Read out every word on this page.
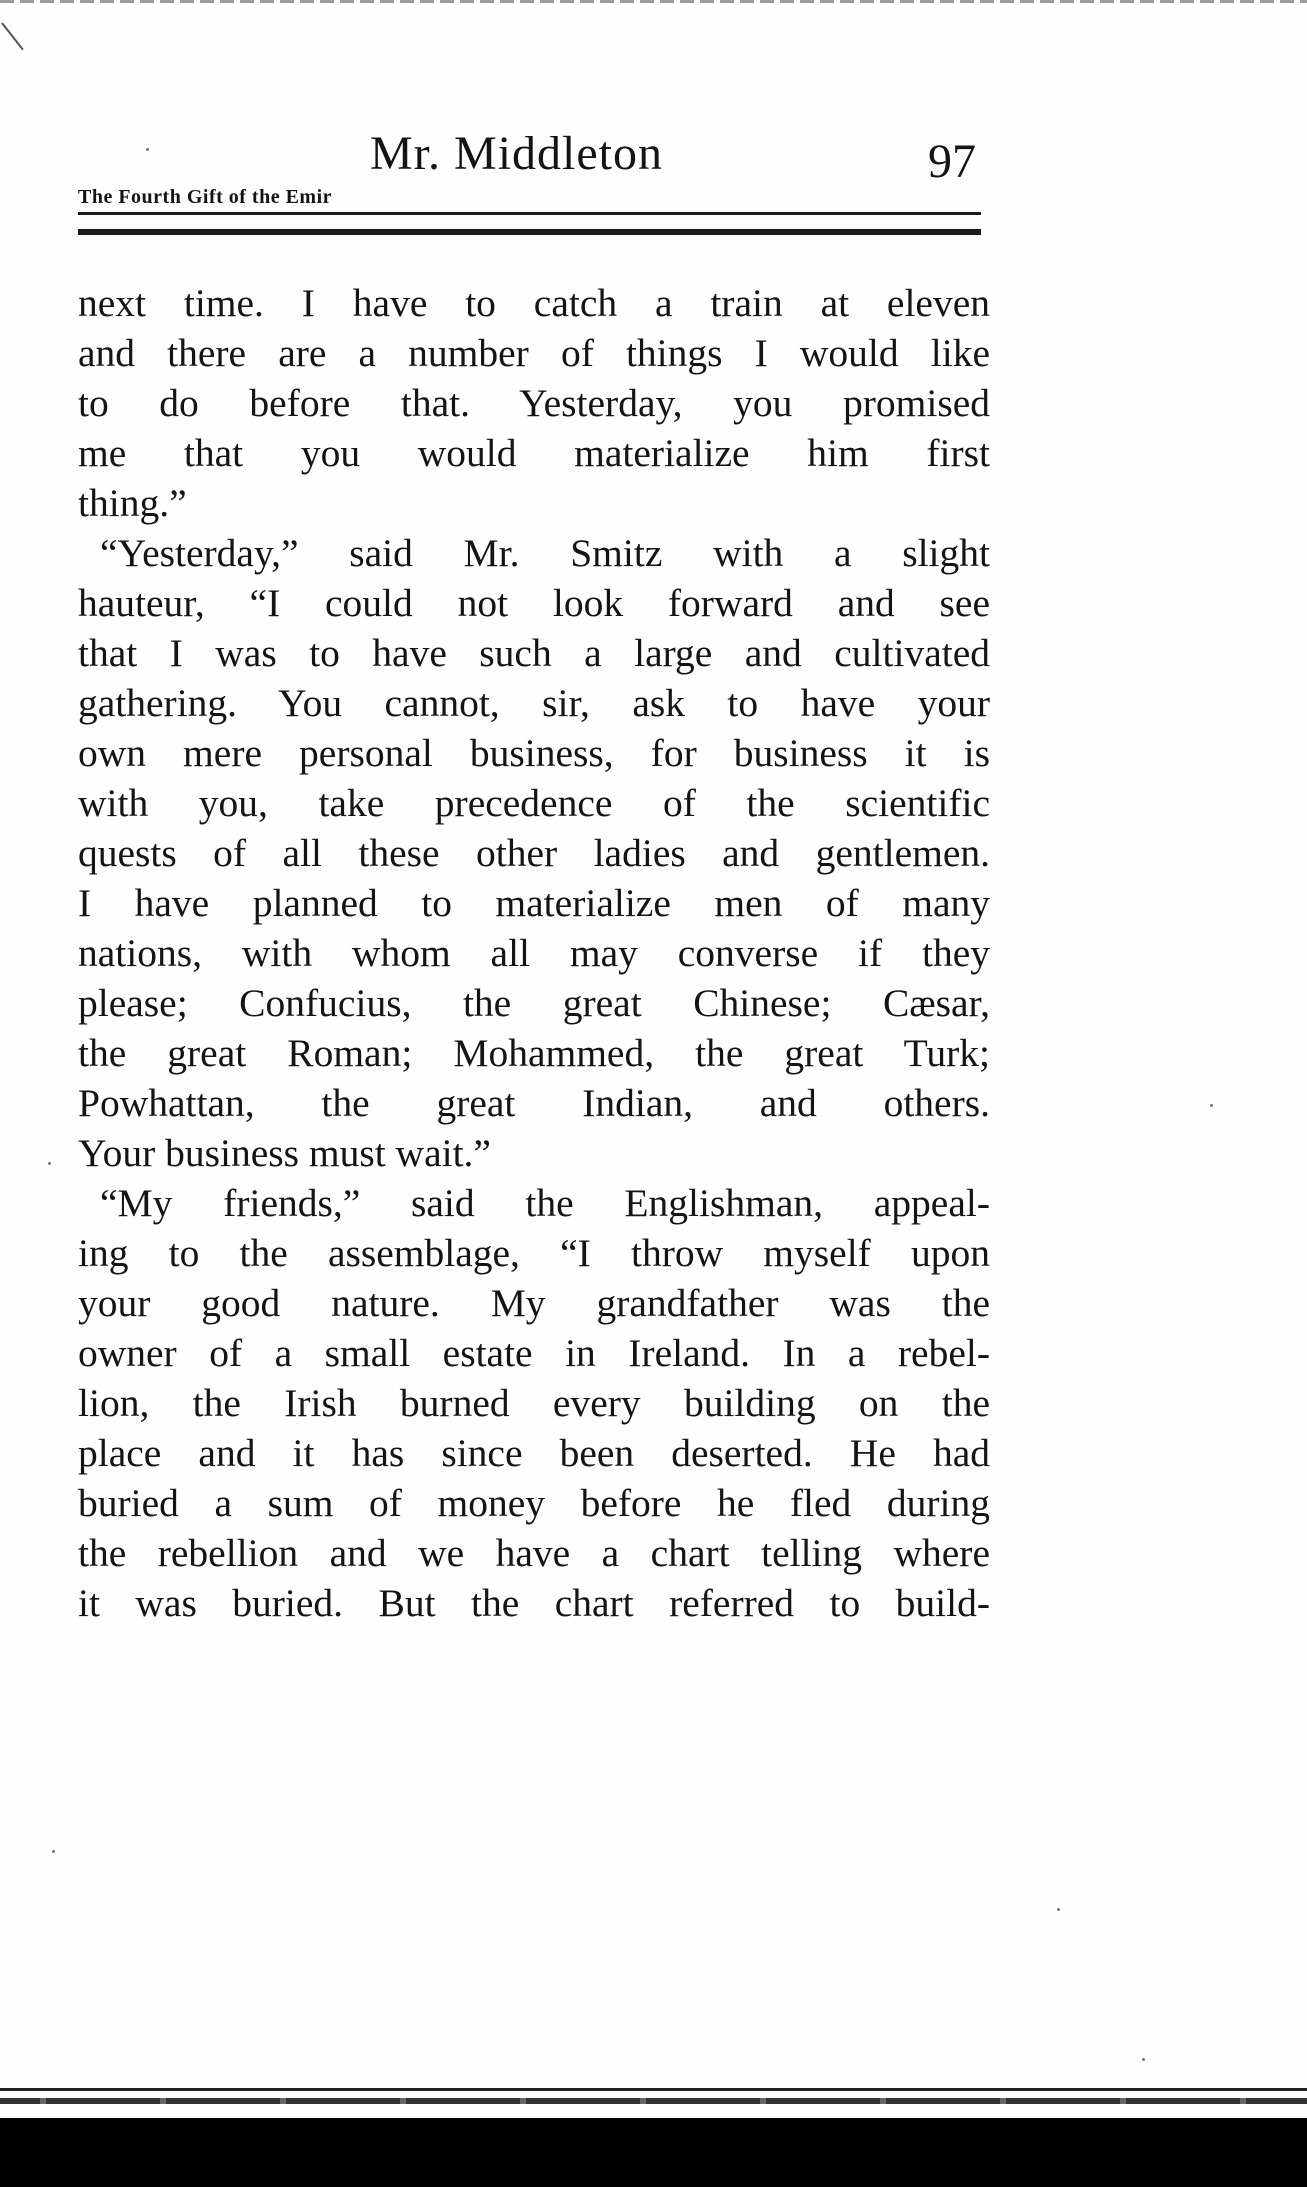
Mr. Middleton	97
The Fourth Gift of the Emir
next time. I have to catch a train at eleven
and there are a number of things I would like
to do before that. Yesterday, you promised
me that you would materialize him first
thing.”
“Yesterday,” said Mr. Smitz with a slight
hauteur, “I could not look forward and see
that I was to have such a large and cultivated
gathering. You cannot, sir, ask to have your
own mere personal business, for business it is
with you, take precedence of the scientific
quests of all these other ladies and gentlemen.
I have planned to materialize men of many
nations, with whom all may converse if they
please; Confucius, the great Chinese; Cæsar,
the great Roman; Mohammed, the great Turk;
Powhattan, the great Indian, and others.
Your business must wait.”
“My friends,” said the Englishman, appeal-
ing to the assemblage, “I throw myself upon
your good nature. My grandfather was the
owner of a small estate in Ireland. In a rebel-
lion, the Irish burned every building on the
place and it has since been deserted. He had
buried a sum of money before he fled during
the rebellion and we have a chart telling where
it was buried. But the chart referred to build-
